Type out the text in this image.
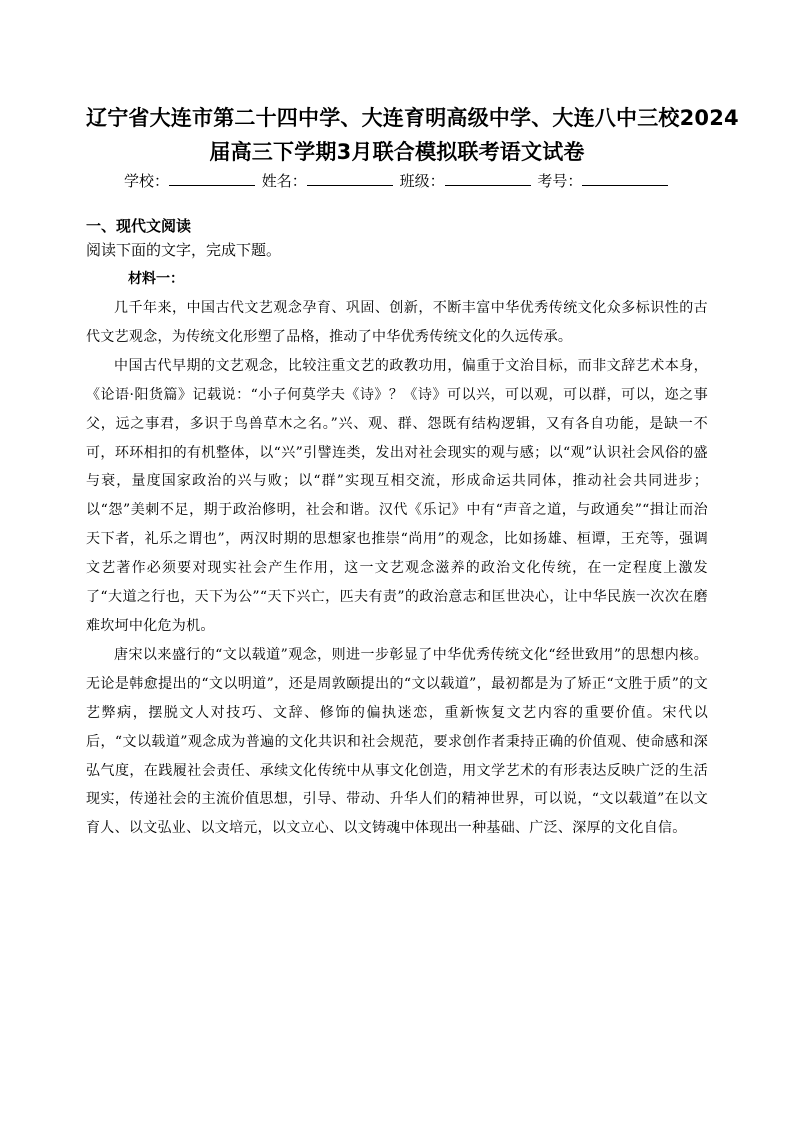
辽宁省大连市第二十四中学、大连育明高级中学、大连八中三校2024
届高三下学期3月联合模拟联考语文试卷
学校：	姓名：	班级：	考号：
一、现代文阅读
阅读下面的文字，完成下题。
材料一：

几千年来，中国古代文艺观念孕育、巩固、创新，不断丰富中华优秀传统文化众多标识性的古代文艺观念，为传统文化形塑了品格，推动了中华优秀传统文化的久远传承。

中国古代早期的文艺观念，比较注重文艺的政教功用，偏重于文治目标，而非文辞艺术本身，《论语·阳货篇》记载说：“小子何莫学夫《诗》？《诗》可以兴，可以观，可以群，可以，迩之事父，远之事君，多识于鸟兽草木之名。”兴、观、群、怨既有结构逻辑，又有各自功能，是缺一不可，环环相扣的有机整体，以“兴”引譬连类，发出对社会现实的观与感；以“观”认识社会风俗的盛与衰，量度国家政治的兴与败；以“群”实现互相交流，形成命运共同体，推动社会共同进步；以“怨”美刺不足，期于政治修明，社会和谐。汉代《乐记》中有“声音之道，与政通矣”“揖让而治天下者，礼乐之谓也”，两汉时期的思想家也推崇“尚用”的观念，比如扬雄、桓谭，王充等，强调文艺著作必须要对现实社会产生作用，这一文艺观念滋养的政治文化传统，在一定程度上激发了“大道之行也，天下为公”“天下兴亡，匹夫有责”的政治意志和匡世决心，让中华民族一次次在磨难坎坷中化危为机。

唐宋以来盛行的“文以载道”观念，则进一步彰显了中华优秀传统文化“经世致用”的思想内核。无论是韩愈提出的“文以明道”，还是周敦颐提出的“文以载道”，最初都是为了矫正“文胜于质”的文艺弊病，摆脱文人对技巧、文辞、修饰的偏执迷恋，重新恢复文艺内容的重要价值。宋代以后，“文以载道”观念成为普遍的文化共识和社会规范，要求创作者秉持正确的价值观、使命感和深弘气度，在践履社会责任、承续文化传统中从事文化创造，用文学艺术的有形表达反映广泛的生活现实，传递社会的主流价值思想，引导、带动、升华人们的精神世界，可以说，“文以载道”在以文育人、以文弘业、以文培元，以文立心、以文铸魂中体现出一种基础、广泛、深厚的文化自信。
